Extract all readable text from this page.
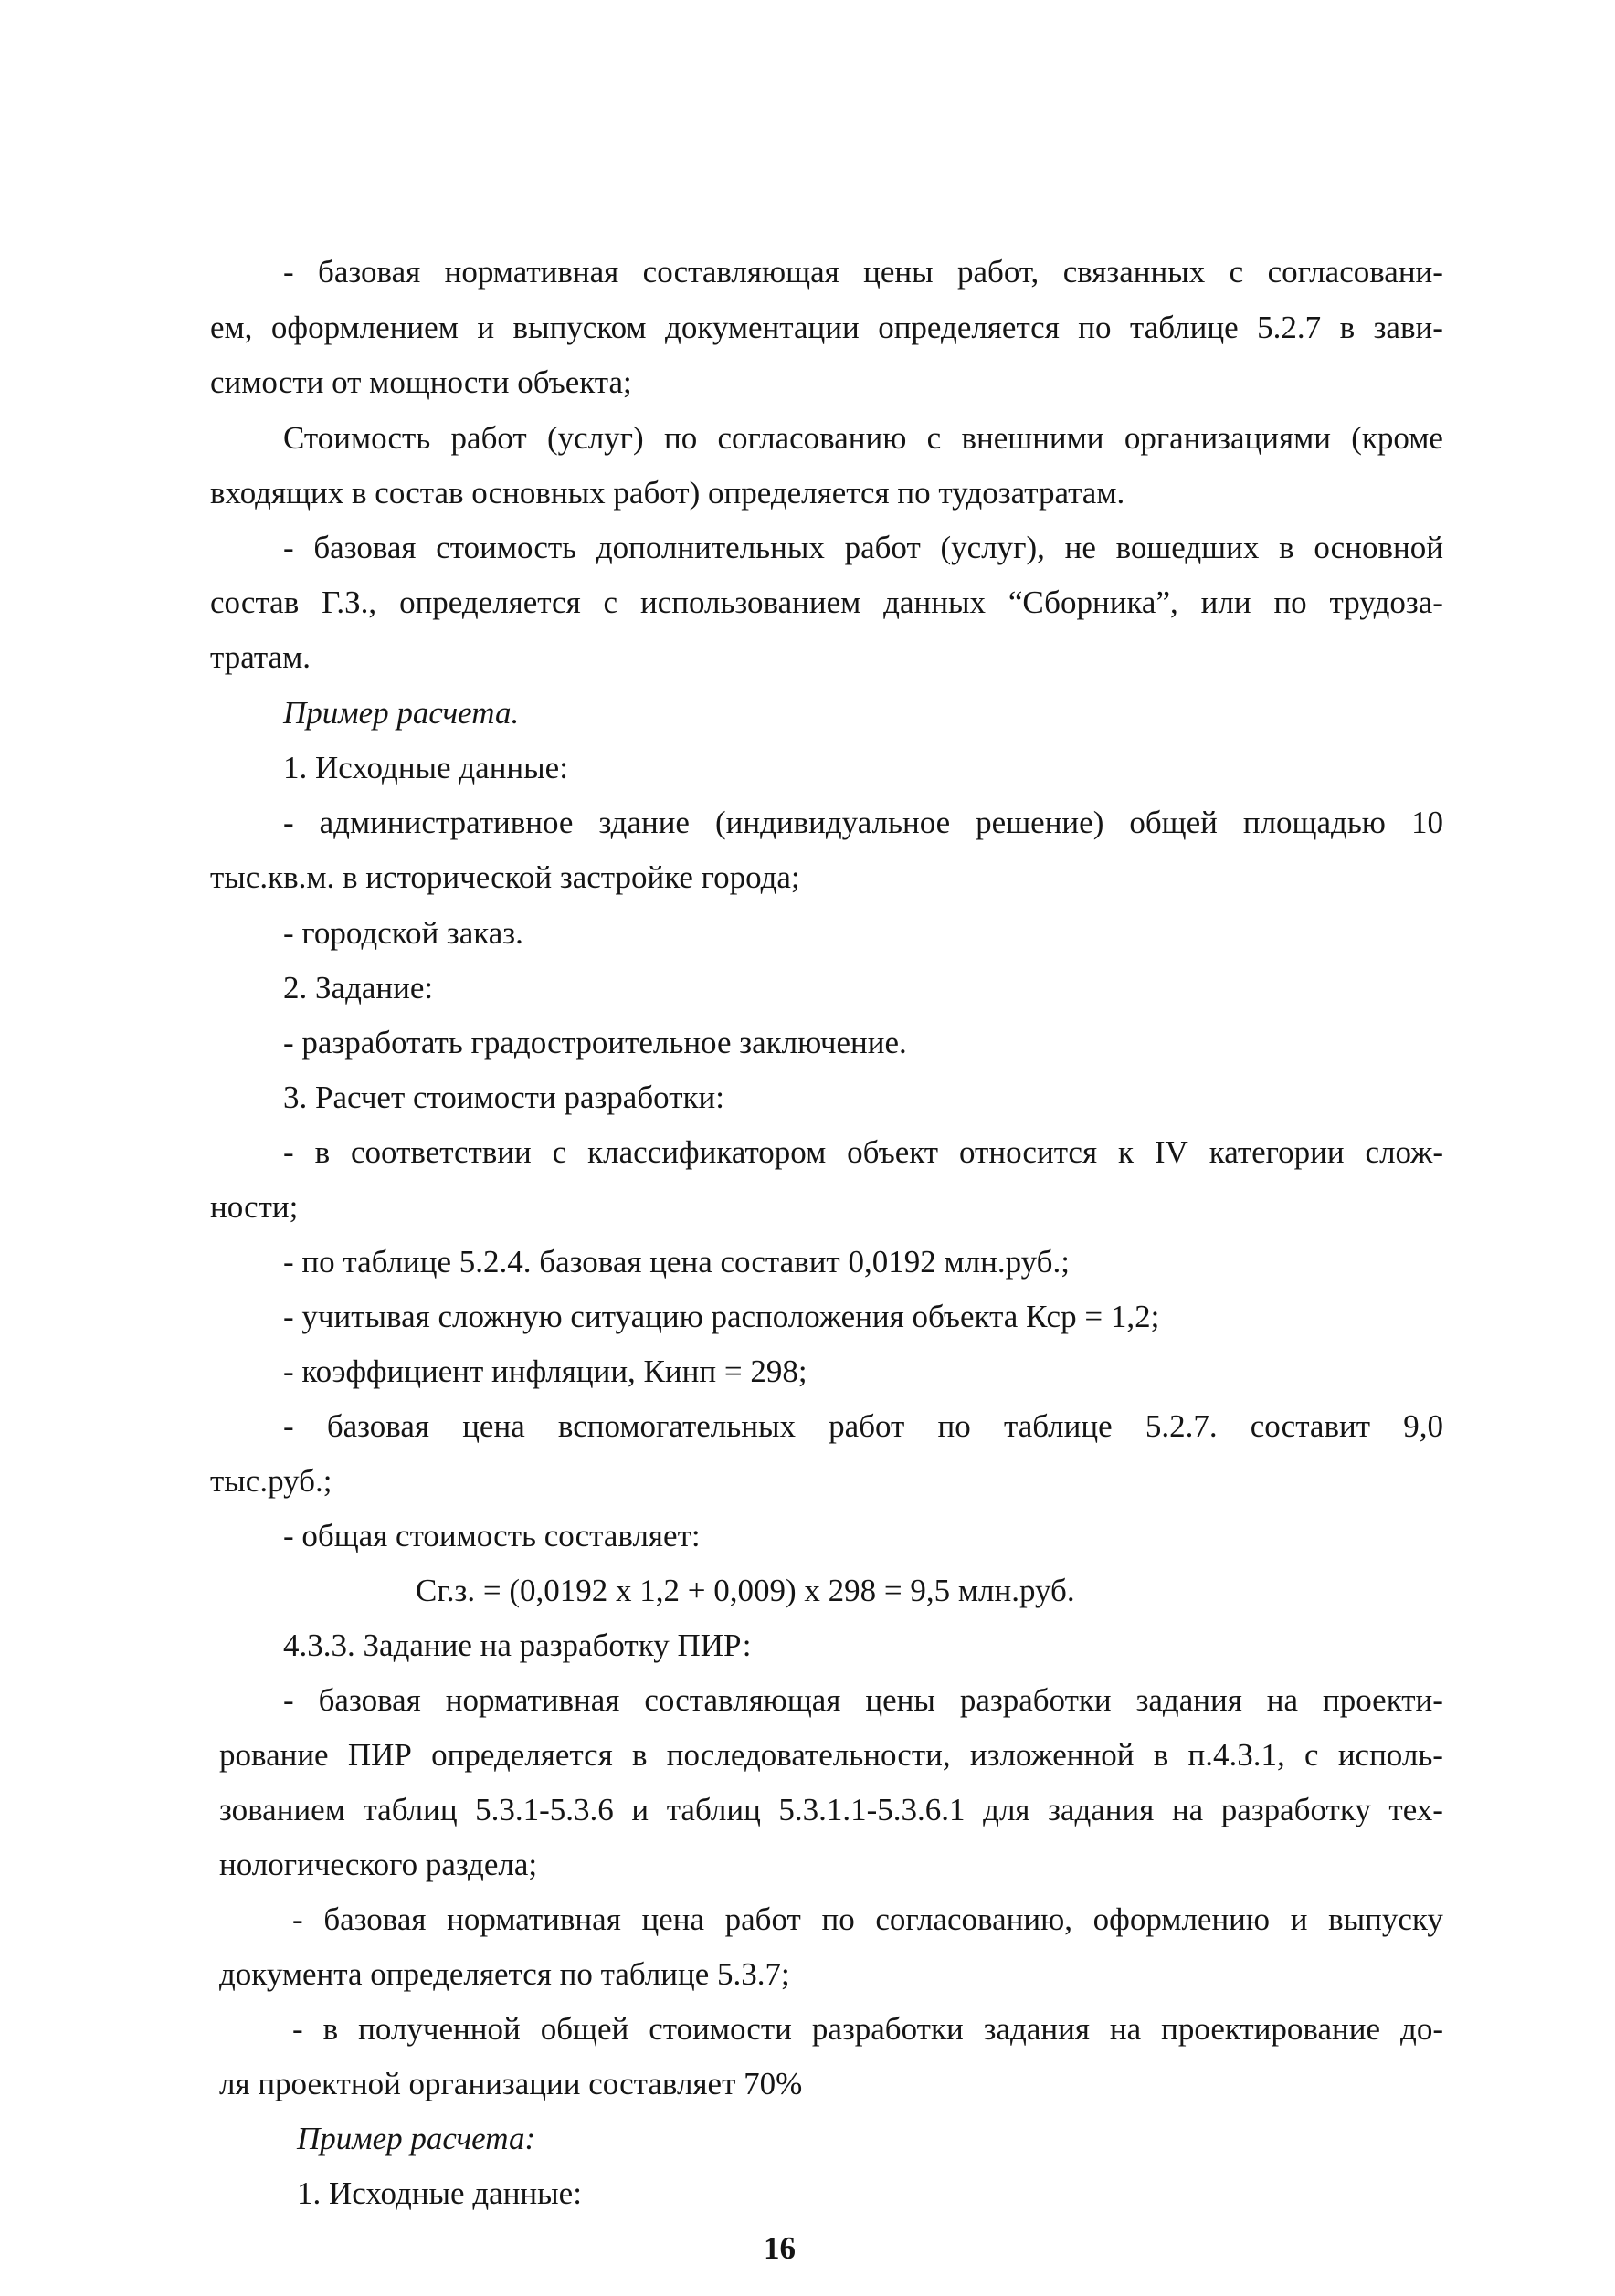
- базовая нормативная составляющая цены работ, связанных с согласовани-
ем, оформлением и выпуском документации определяется по таблице 5.2.7 в зави-
симости от мощности объекта;
Стоимость работ (услуг) по согласованию с внешними организациями (кроме
входящих в состав основных работ) определяется по тудозатратам.
- базовая стоимость дополнительных работ (услуг), не вошедших в основной
состав Г.З., определяется с использованием данных “Сборника”, или по трудоза-
тратам.
Пример расчета.
1. Исходные данные:
- административное здание (индивидуальное решение) общей площадью 10
тыс.кв.м. в исторической застройке города;
- городской заказ.
2. Задание:
- разработать градостроительное заключение.
3. Расчет стоимости разработки:
- в соответствии с классификатором объект относится к IV категории слож-
ности;
- по таблице 5.2.4. базовая цена составит 0,0192 млн.руб.;
- учитывая сложную ситуацию расположения объекта Кср = 1,2;
- коэффициент инфляции, Кинп = 298;
- базовая цена вспомогательных работ по таблице 5.2.7. составит 9,0
тыс.руб.;
- общая стоимость составляет:
Сг.з. = (0,0192 х 1,2 + 0,009) х 298 = 9,5 млн.руб.
4.3.3. Задание на разработку ПИР:
- базовая нормативная составляющая цены разработки задания на проекти-
рование ПИР определяется в последовательности, изложенной в п.4.3.1, с исполь-
зованием таблиц 5.3.1-5.3.6 и таблиц 5.3.1.1-5.3.6.1 для задания на разработку тех-
нологического раздела;
- базовая нормативная цена работ по согласованию, оформлению и выпуску
документа определяется по таблице 5.3.7;
- в полученной общей стоимости разработки задания на проектирование до-
ля проектной организации составляет 70%
Пример расчета:
1. Исходные данные:
16
